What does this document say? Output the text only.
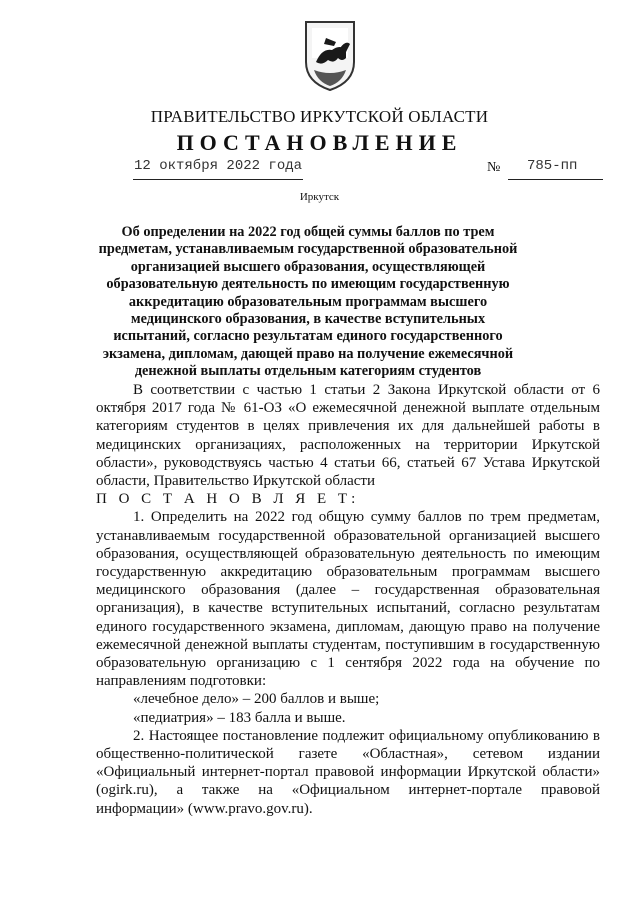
ПРАВИТЕЛЬСТВО ИРКУТСКОЙ ОБЛАСТИ
ПОСТАНОВЛЕНИЕ
12 октября 2022 года	№ 785-пп
Иркутск
Об определении на 2022 год общей суммы баллов по трем предметам, устанавливаемым государственной образовательной организацией высшего образования, осуществляющей образовательную деятельность по имеющим государственную аккредитацию образовательным программам высшего медицинского образования, в качестве вступительных испытаний, согласно результатам единого государственного экзамена, дипломам, дающей право на получение ежемесячной денежной выплаты отдельным категориям студентов

В соответствии с частью 1 статьи 2 Закона Иркутской области от 6 октября 2017 года № 61-ОЗ «О ежемесячной денежной выплате отдельным категориям студентов в целях привлечения их для дальнейшей работы в медицинских организациях, расположенных на территории Иркутской области», руководствуясь частью 4 статьи 66, статьей 67 Устава Иркутской области, Правительство Иркутской области

П О С Т А Н О В Л Я Е Т:

1. Определить на 2022 год общую сумму баллов по трем предметам, устанавливаемым государственной образовательной организацией высшего образования, осуществляющей образовательную деятельность по имеющим государственную аккредитацию образовательным программам высшего медицинского образования (далее – государственная образовательная организация), в качестве вступительных испытаний, согласно результатам единого государственного экзамена, дипломам, дающую право на получение ежемесячной денежной выплаты студентам, поступившим в государственную образовательную организацию с 1 сентября 2022 года на обучение по направлениям подготовки:

«лечебное дело» – 200 баллов и выше;

«педиатрия» – 183 балла и выше.

2. Настоящее постановление подлежит официальному опубликованию в общественно-политической газете «Областная», сетевом издании «Официальный интернет-портал правовой информации Иркутской области» (ogirk.ru), а также на «Официальном интернет-портале правовой информации» (www.pravo.gov.ru).
